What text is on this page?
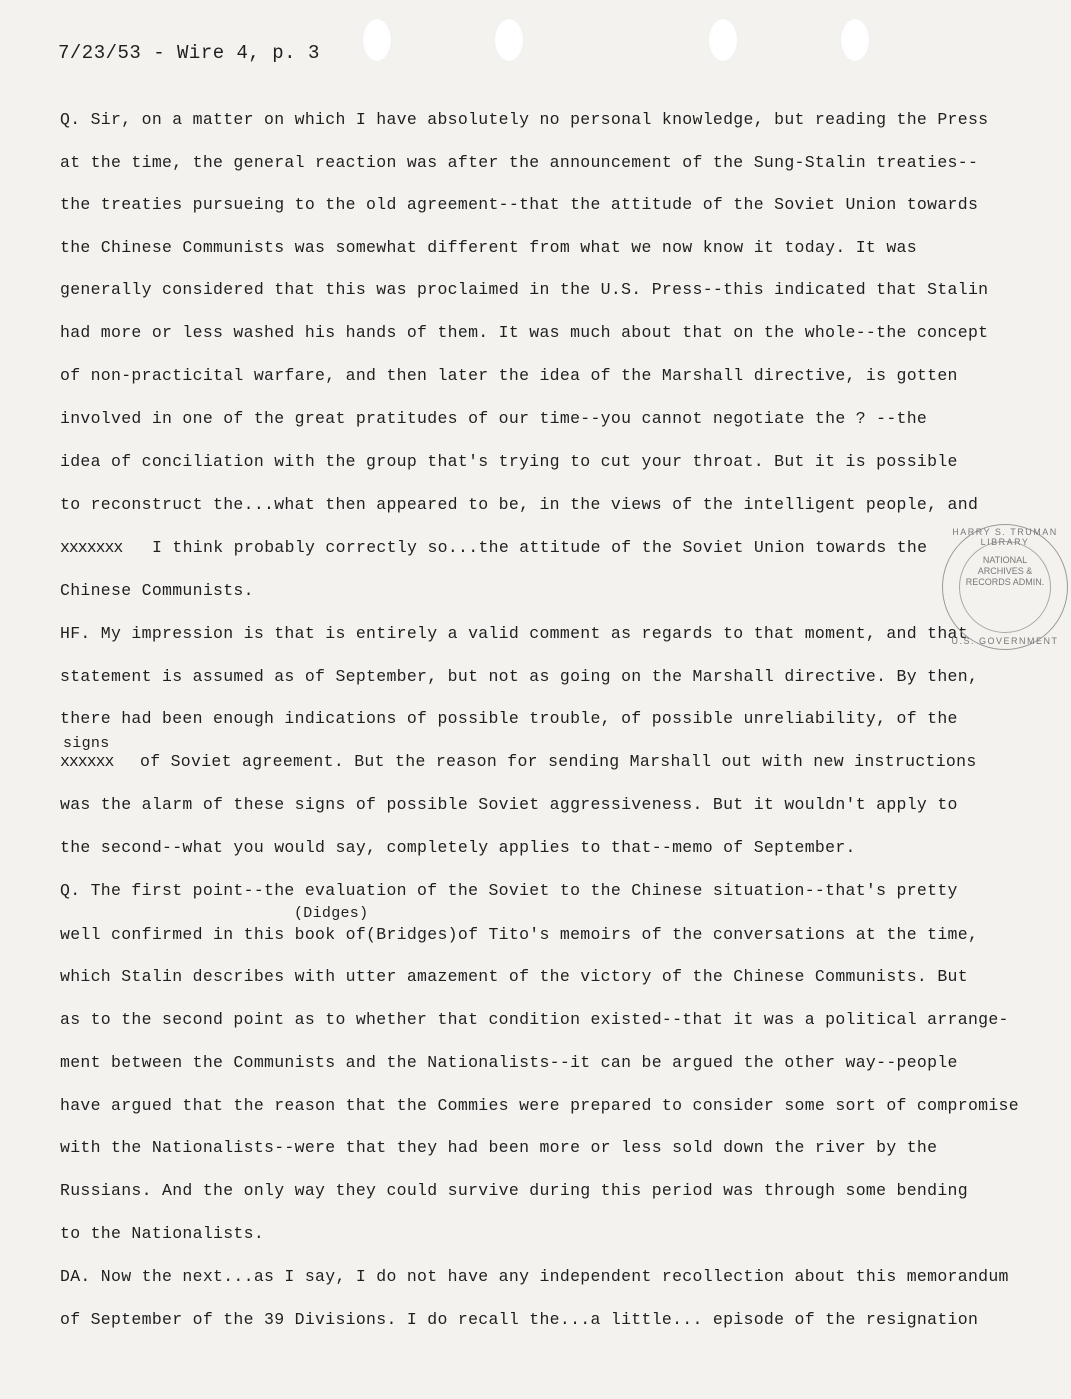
7/23/53 - Wire 4, p. 3
Q. Sir, on a matter on which I have absolutely no personal knowledge, but reading the Press
at the time, the general reaction was after the announcement of the Sung-Stalin treaties--
the treaties pursueing to the old agreement--that the attitude of the Soviet Union towards
the Chinese Communists was somewhat different from what we now know it today. It was
generally considered that this was proclaimed in the U.S. Press--this indicated that Stalin
had more or less washed his hands of them. It was much about that on the whole--the concept
of non-practicital warfare, and then later the idea of the Marshall directive, is gotten
involved in one of the great pratitudes of our time--you cannot negotiate the ? --the
idea of conciliation with the group that's trying to cut your throat. But it is possible
to reconstruct the...what then appeared to be, in the views of the intelligent people, and
xxxxxxx I think probably correctly so...the attitude of the Soviet Union towards the
Chinese Communists.
HF. My impression is that is entirely a valid comment as regards to that moment, and that
statement is assumed as of September, but not as going on the Marshall directive. By then,
there had been enough indications of possible trouble, of possible unreliability, of the
signs
xxxxxx of Soviet agreement. But the reason for sending Marshall out with new instructions
was the alarm of these signs of possible Soviet aggressiveness. But it wouldn't apply to
the second--what you would say, completely applies to that--memo of September.
Q. The first point--the evaluation of the Soviet to the Chinese situation--that's pretty
(Didges)
well confirmed in this book of(Bridges)of Tito's memoirs of the conversations at the time,
which Stalin describes with utter amazement of the victory of the Chinese Communists. But
as to the second point as to whether that condition existed--that it was a political arrange-
ment between the Communists and the Nationalists--it can be argued the other way--people
have argued that the reason that the Commies were prepared to consider some sort of compromise
with the Nationalists--were that they had been more or less sold down the river by the
Russians. And the only way they could survive during this period was through some bending
to the Nationalists.
DA. Now the next...as I say, I do not have any independent recollection about this memorandum
of September of the 39 Divisions. I do recall the...a little... episode of the resignation
HARRY S. TRUMAN LIBRARY
NATIONAL ARCHIVES & RECORDS ADMIN.
U.S. GOVERNMENT
